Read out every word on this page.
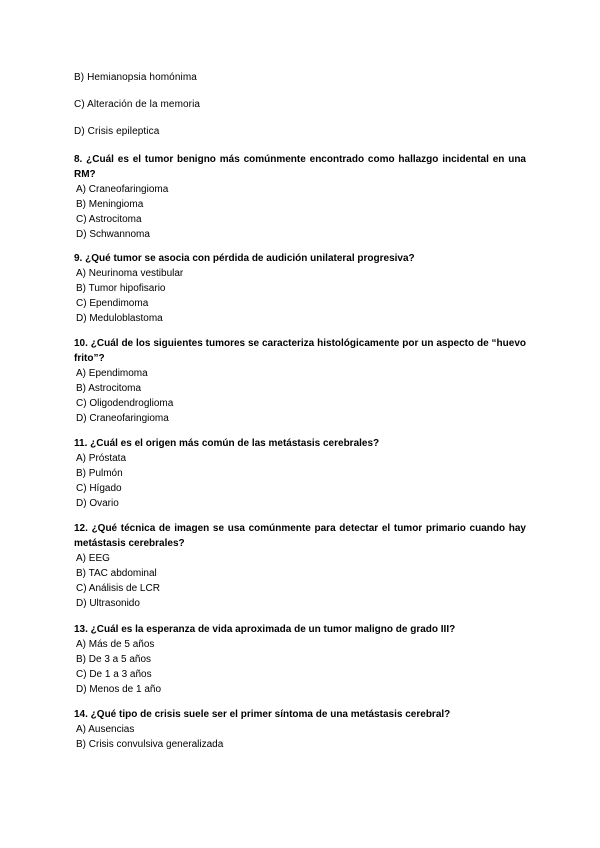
B) Hemianopsia homónima
C) Alteración de la memoria
D) Crisis epileptica

8. ¿Cuál es el tumor benigno más comúnmente encontrado como hallazgo incidental en una RM?

A) Craneofaringioma
B) Meningioma
C) Astrocitoma
D) Schwannoma

9. ¿Qué tumor se asocia con pérdida de audición unilateral progresiva?

A) Neurinoma vestibular
B) Tumor hipofisario
C) Ependimoma
D) Meduloblastoma

10. ¿Cuál de los siguientes tumores se caracteriza histológicamente por un aspecto de “huevo frito”?

A) Ependimoma
B) Astrocitoma
C) Oligodendroglioma
D) Craneofaringioma

11. ¿Cuál es el origen más común de las metástasis cerebrales?

A) Próstata
B) Pulmón
C) Hígado
D) Ovario

12. ¿Qué técnica de imagen se usa comúnmente para detectar el tumor primario cuando hay metástasis cerebrales?

A) EEG
B) TAC abdominal
C) Análisis de LCR
D) Ultrasonido

13. ¿Cuál es la esperanza de vida aproximada de un tumor maligno de grado III?

A) Más de 5 años
B) De 3 a 5 años
C) De 1 a 3 años
D) Menos de 1 año

14. ¿Qué tipo de crisis suele ser el primer síntoma de una metástasis cerebral?

A) Ausencias
B) Crisis convulsiva generalizada
